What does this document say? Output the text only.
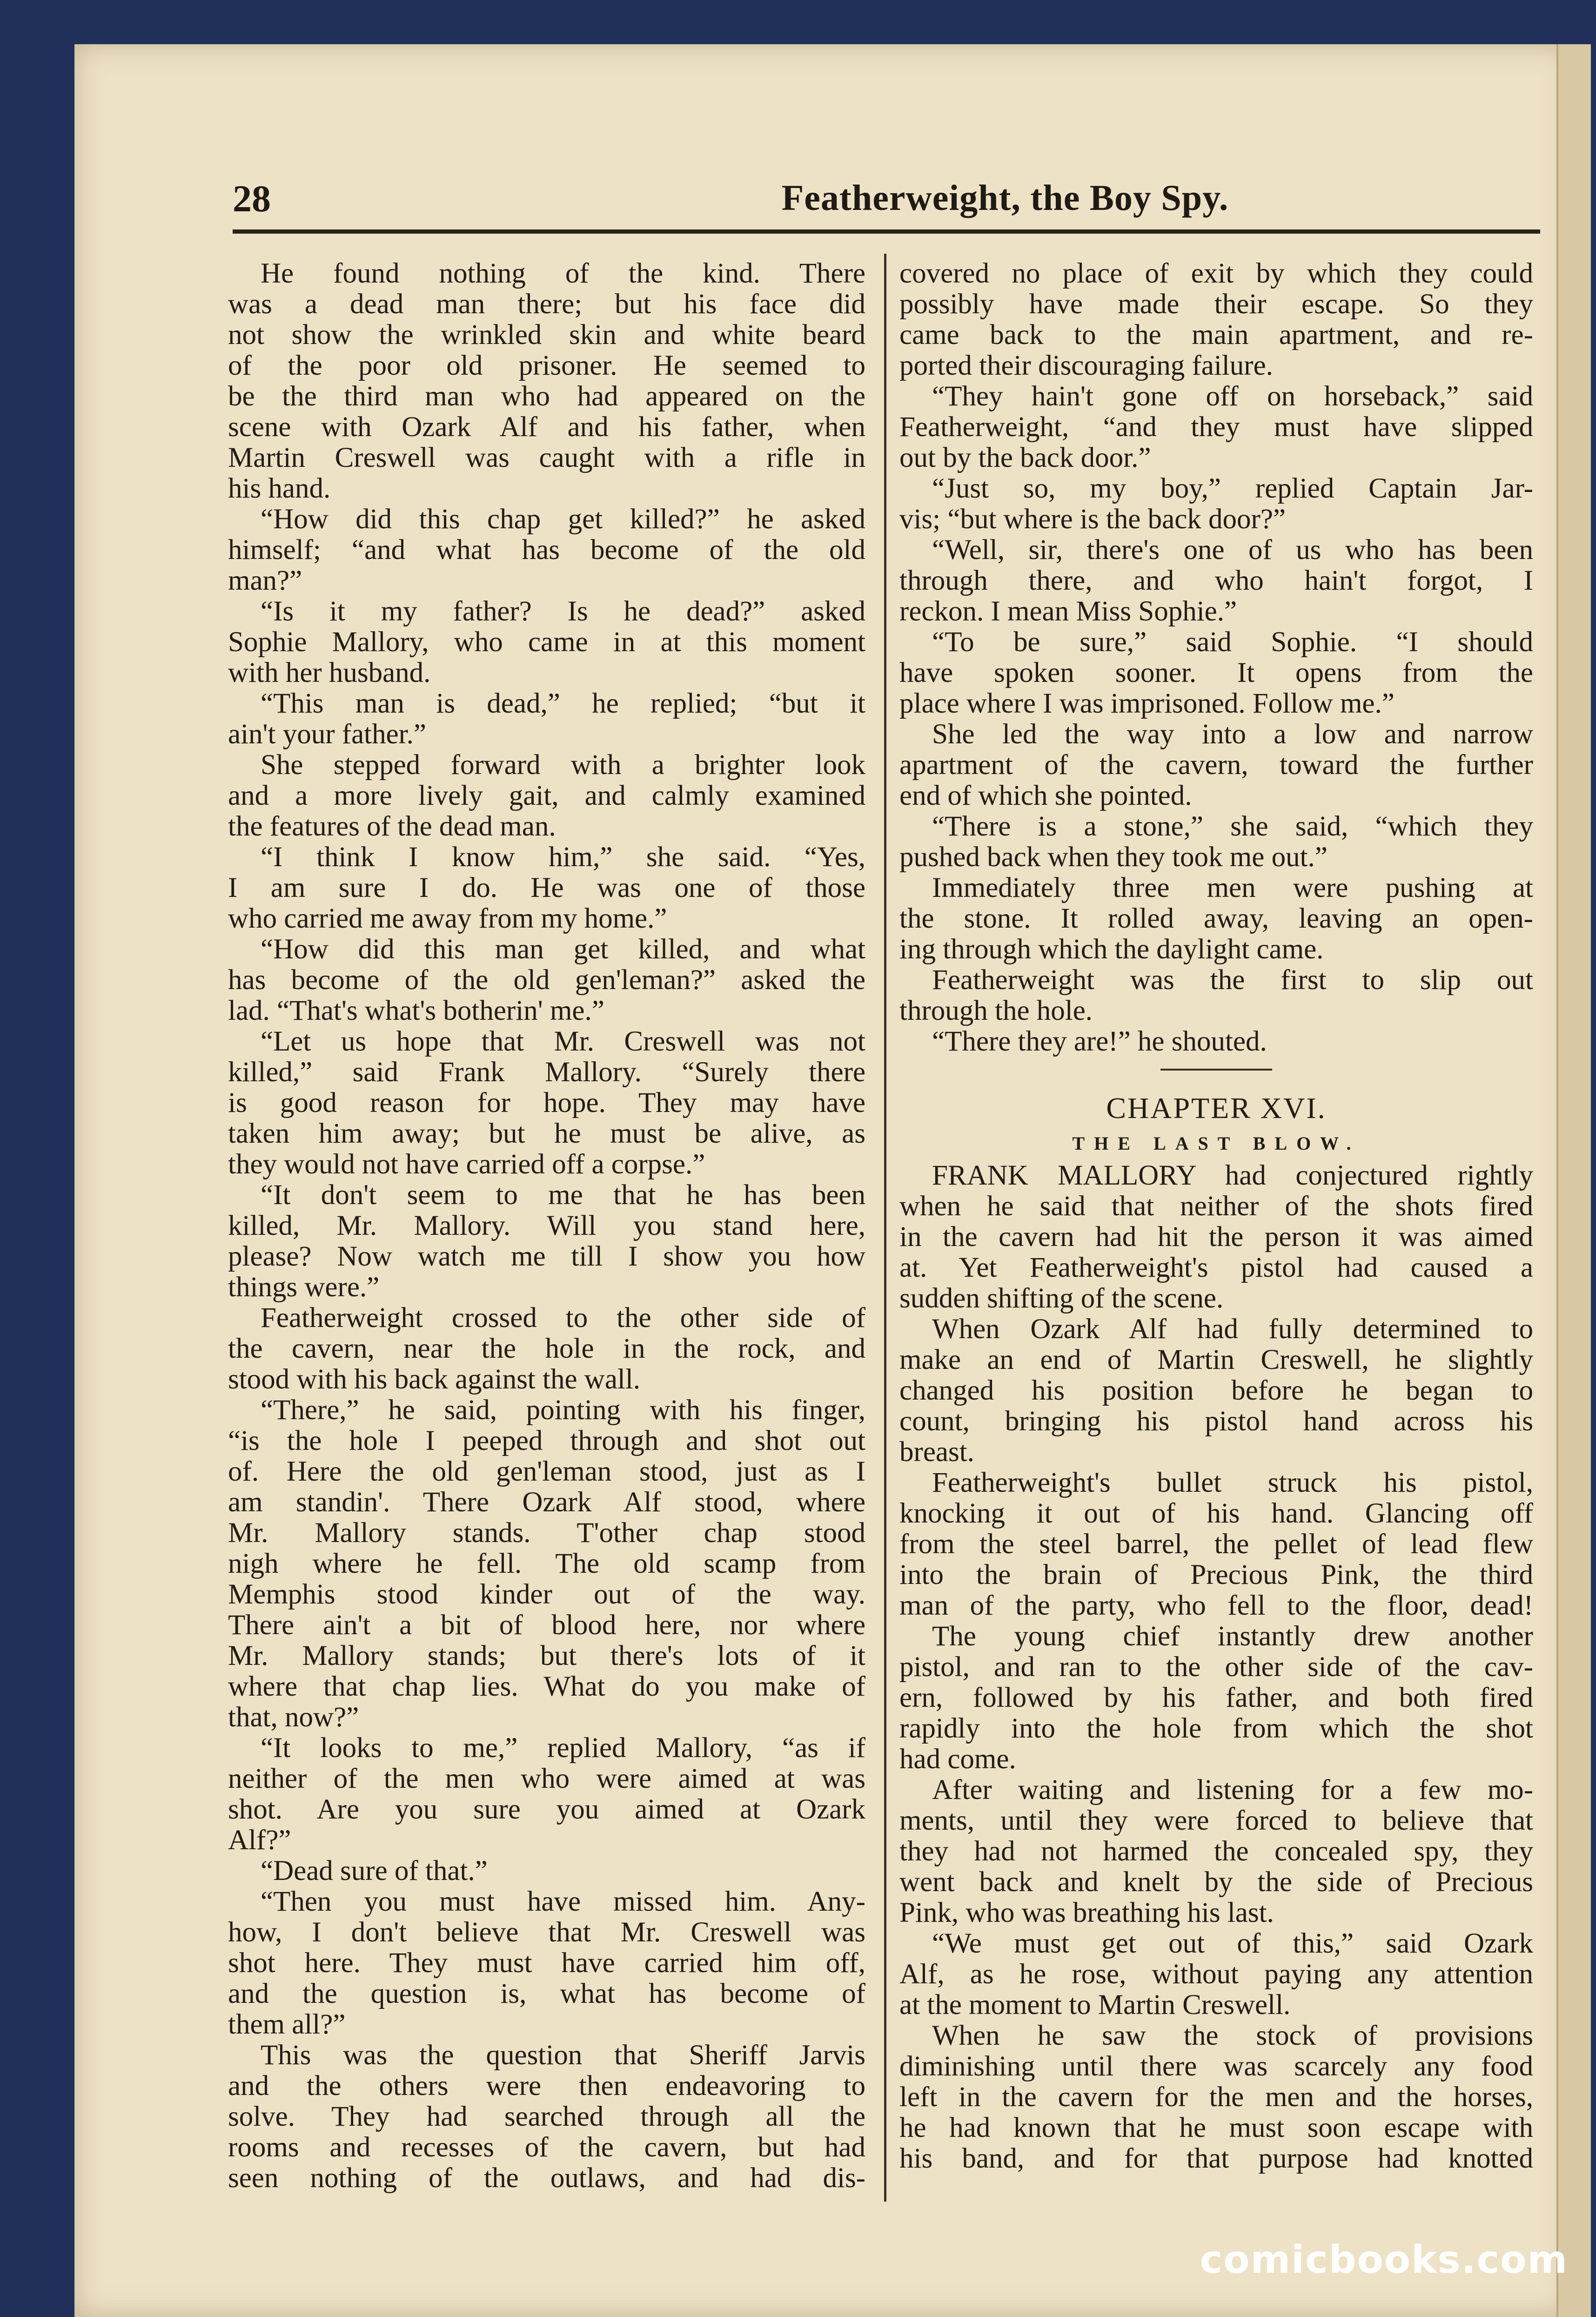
28	Featherweight, the Boy Spy.
He found nothing of the kind. There
was a dead man there; but his face did
not show the wrinkled skin and white beard
of the poor old prisoner. He seemed to
be the third man who had appeared on the
scene with Ozark Alf and his father, when
Martin Creswell was caught with a rifle in
his hand.
“How did this chap get killed?” he asked
himself; “and what has become of the old
man?”
“Is it my father? Is he dead?” asked
Sophie Mallory, who came in at this moment
with her husband.
“This man is dead,” he replied; “but it
ain't your father.”
She stepped forward with a brighter look
and a more lively gait, and calmly examined
the features of the dead man.
“I think I know him,” she said. “Yes,
I am sure I do. He was one of those
who carried me away from my home.”
“How did this man get killed, and what
has become of the old gen'leman?” asked the
lad. “That's what's botherin' me.”
“Let us hope that Mr. Creswell was not
killed,” said Frank Mallory. “Surely there
is good reason for hope. They may have
taken him away; but he must be alive, as
they would not have carried off a corpse.”
“It don't seem to me that he has been
killed, Mr. Mallory. Will you stand here,
please? Now watch me till I show you how
things were.”
Featherweight crossed to the other side of
the cavern, near the hole in the rock, and
stood with his back against the wall.
“There,” he said, pointing with his finger,
“is the hole I peeped through and shot out
of. Here the old gen'leman stood, just as I
am standin'. There Ozark Alf stood, where
Mr. Mallory stands. T'other chap stood
nigh where he fell. The old scamp from
Memphis stood kinder out of the way.
There ain't a bit of blood here, nor where
Mr. Mallory stands; but there's lots of it
where that chap lies. What do you make of
that, now?”
“It looks to me,” replied Mallory, “as if
neither of the men who were aimed at was
shot. Are you sure you aimed at Ozark
Alf?”
“Dead sure of that.”
“Then you must have missed him. Any-
how, I don't believe that Mr. Creswell was
shot here. They must have carried him off,
and the question is, what has become of
them all?”
This was the question that Sheriff Jarvis
and the others were then endeavoring to
solve. They had searched through all the
rooms and recesses of the cavern, but had
seen nothing of the outlaws, and had dis-
covered no place of exit by which they could
possibly have made their escape. So they
came back to the main apartment, and re-
ported their discouraging failure.
“They hain't gone off on horseback,” said
Featherweight, “and they must have slipped
out by the back door.”
“Just so, my boy,” replied Captain Jar-
vis; “but where is the back door?”
“Well, sir, there's one of us who has been
through there, and who hain't forgot, I
reckon. I mean Miss Sophie.”
“To be sure,” said Sophie. “I should
have spoken sooner. It opens from the
place where I was imprisoned. Follow me.”
She led the way into a low and narrow
apartment of the cavern, toward the further
end of which she pointed.
“There is a stone,” she said, “which they
pushed back when they took me out.”
Immediately three men were pushing at
the stone. It rolled away, leaving an open-
ing through which the daylight came.
Featherweight was the first to slip out
through the hole.
“There they are!” he shouted.
CHAPTER XVI.
THE LAST BLOW.
FRANK MALLORY had conjectured rightly
when he said that neither of the shots fired
in the cavern had hit the person it was aimed
at. Yet Featherweight's pistol had caused a
sudden shifting of the scene.
When Ozark Alf had fully determined to
make an end of Martin Creswell, he slightly
changed his position before he began to
count, bringing his pistol hand across his
breast.
Featherweight's bullet struck his pistol,
knocking it out of his hand. Glancing off
from the steel barrel, the pellet of lead flew
into the brain of Precious Pink, the third
man of the party, who fell to the floor, dead!
The young chief instantly drew another
pistol, and ran to the other side of the cav-
ern, followed by his father, and both fired
rapidly into the hole from which the shot
had come.
After waiting and listening for a few mo-
ments, until they were forced to believe that
they had not harmed the concealed spy, they
went back and knelt by the side of Precious
Pink, who was breathing his last.
“We must get out of this,” said Ozark
Alf, as he rose, without paying any attention
at the moment to Martin Creswell.
When he saw the stock of provisions
diminishing until there was scarcely any food
left in the cavern for the men and the horses,
he had known that he must soon escape with
his band, and for that purpose had knotted
comicbooks.com
